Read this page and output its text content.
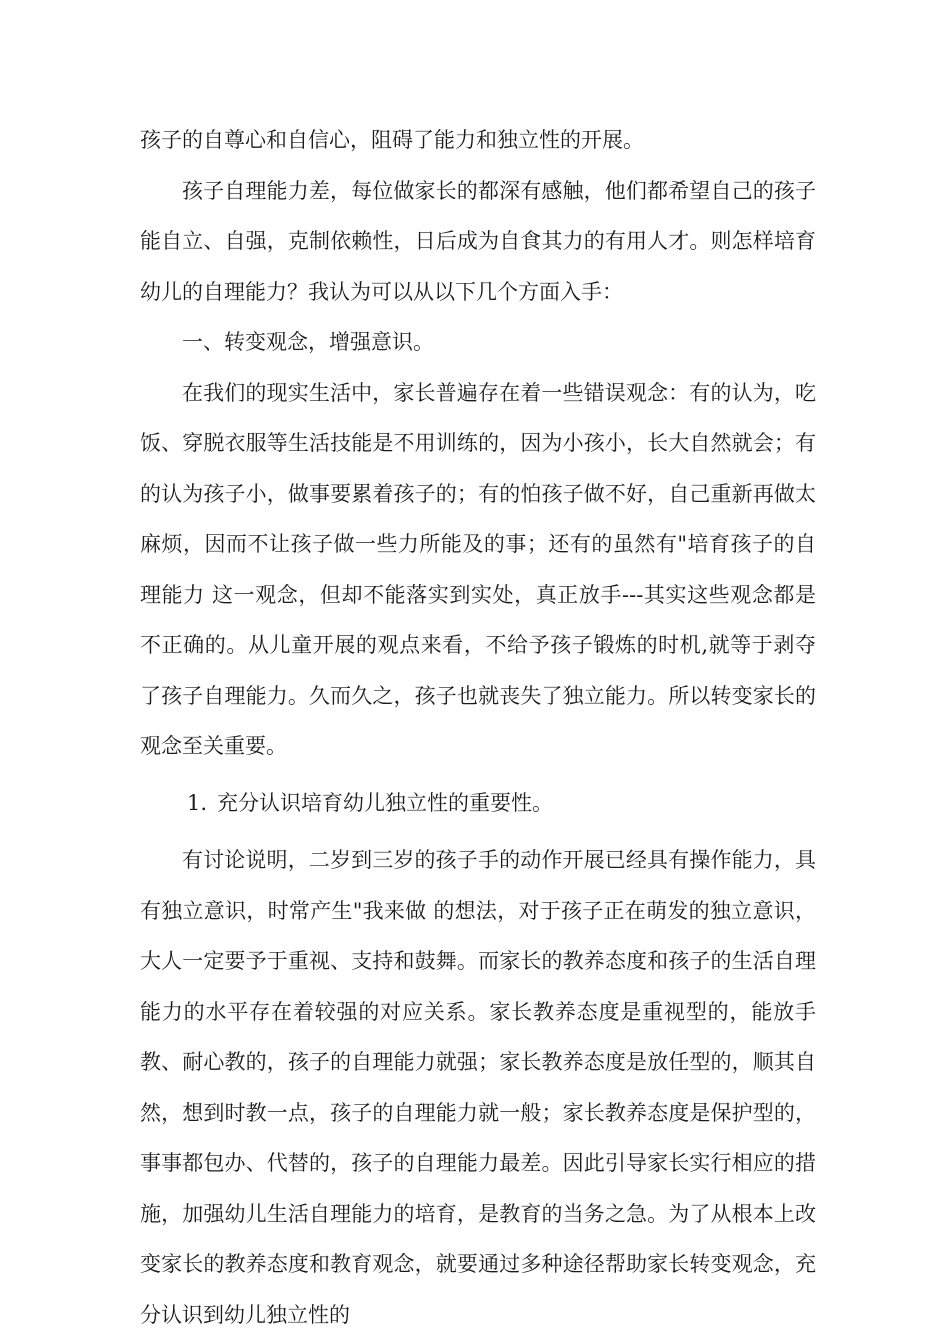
孩子的自尊心和自信心，阻碍了能力和独立性的开展。

孩子自理能力差，每位做家长的都深有感触，他们都希望自己的孩子能自立、自强，克制依赖性，日后成为自食其力的有用人才。则怎样培育幼儿的自理能力？我认为可以从以下几个方面入手：

一、转变观念，增强意识。

在我们的现实生活中，家长普遍存在着一些错误观念：有的认为，吃饭、穿脱衣服等生活技能是不用训练的，因为小孩小，长大自然就会；有的认为孩子小，做事要累着孩子的；有的怕孩子做不好，自己重新再做太麻烦，因而不让孩子做一些力所能及的事；还有的虽然有"培育孩子的自理能力 这一观念，但却不能落实到实处，真正放手---其实这些观念都是不正确的。从儿童开展的观点来看，不给予孩子锻炼的时机,就等于剥夺了孩子自理能力。久而久之，孩子也就丧失了独立能力。所以转变家长的观念至关重要。

1. 充分认识培育幼儿独立性的重要性。

有讨论说明，二岁到三岁的孩子手的动作开展已经具有操作能力，具有独立意识，时常产生"我来做 的想法，对于孩子正在萌发的独立意识，大人一定要予于重视、支持和鼓舞。而家长的教养态度和孩子的生活自理能力的水平存在着较强的对应关系。家长教养态度是重视型的，能放手教、耐心教的，孩子的自理能力就强；家长教养态度是放任型的，顺其自然，想到时教一点，孩子的自理能力就一般；家长教养态度是保护型的，事事都包办、代替的，孩子的自理能力最差。因此引导家长实行相应的措施，加强幼儿生活自理能力的培育，是教育的当务之急。为了从根本上改变家长的教养态度和教育观念，就要通过多种途径帮助家长转变观念，充分认识到幼儿独立性的
